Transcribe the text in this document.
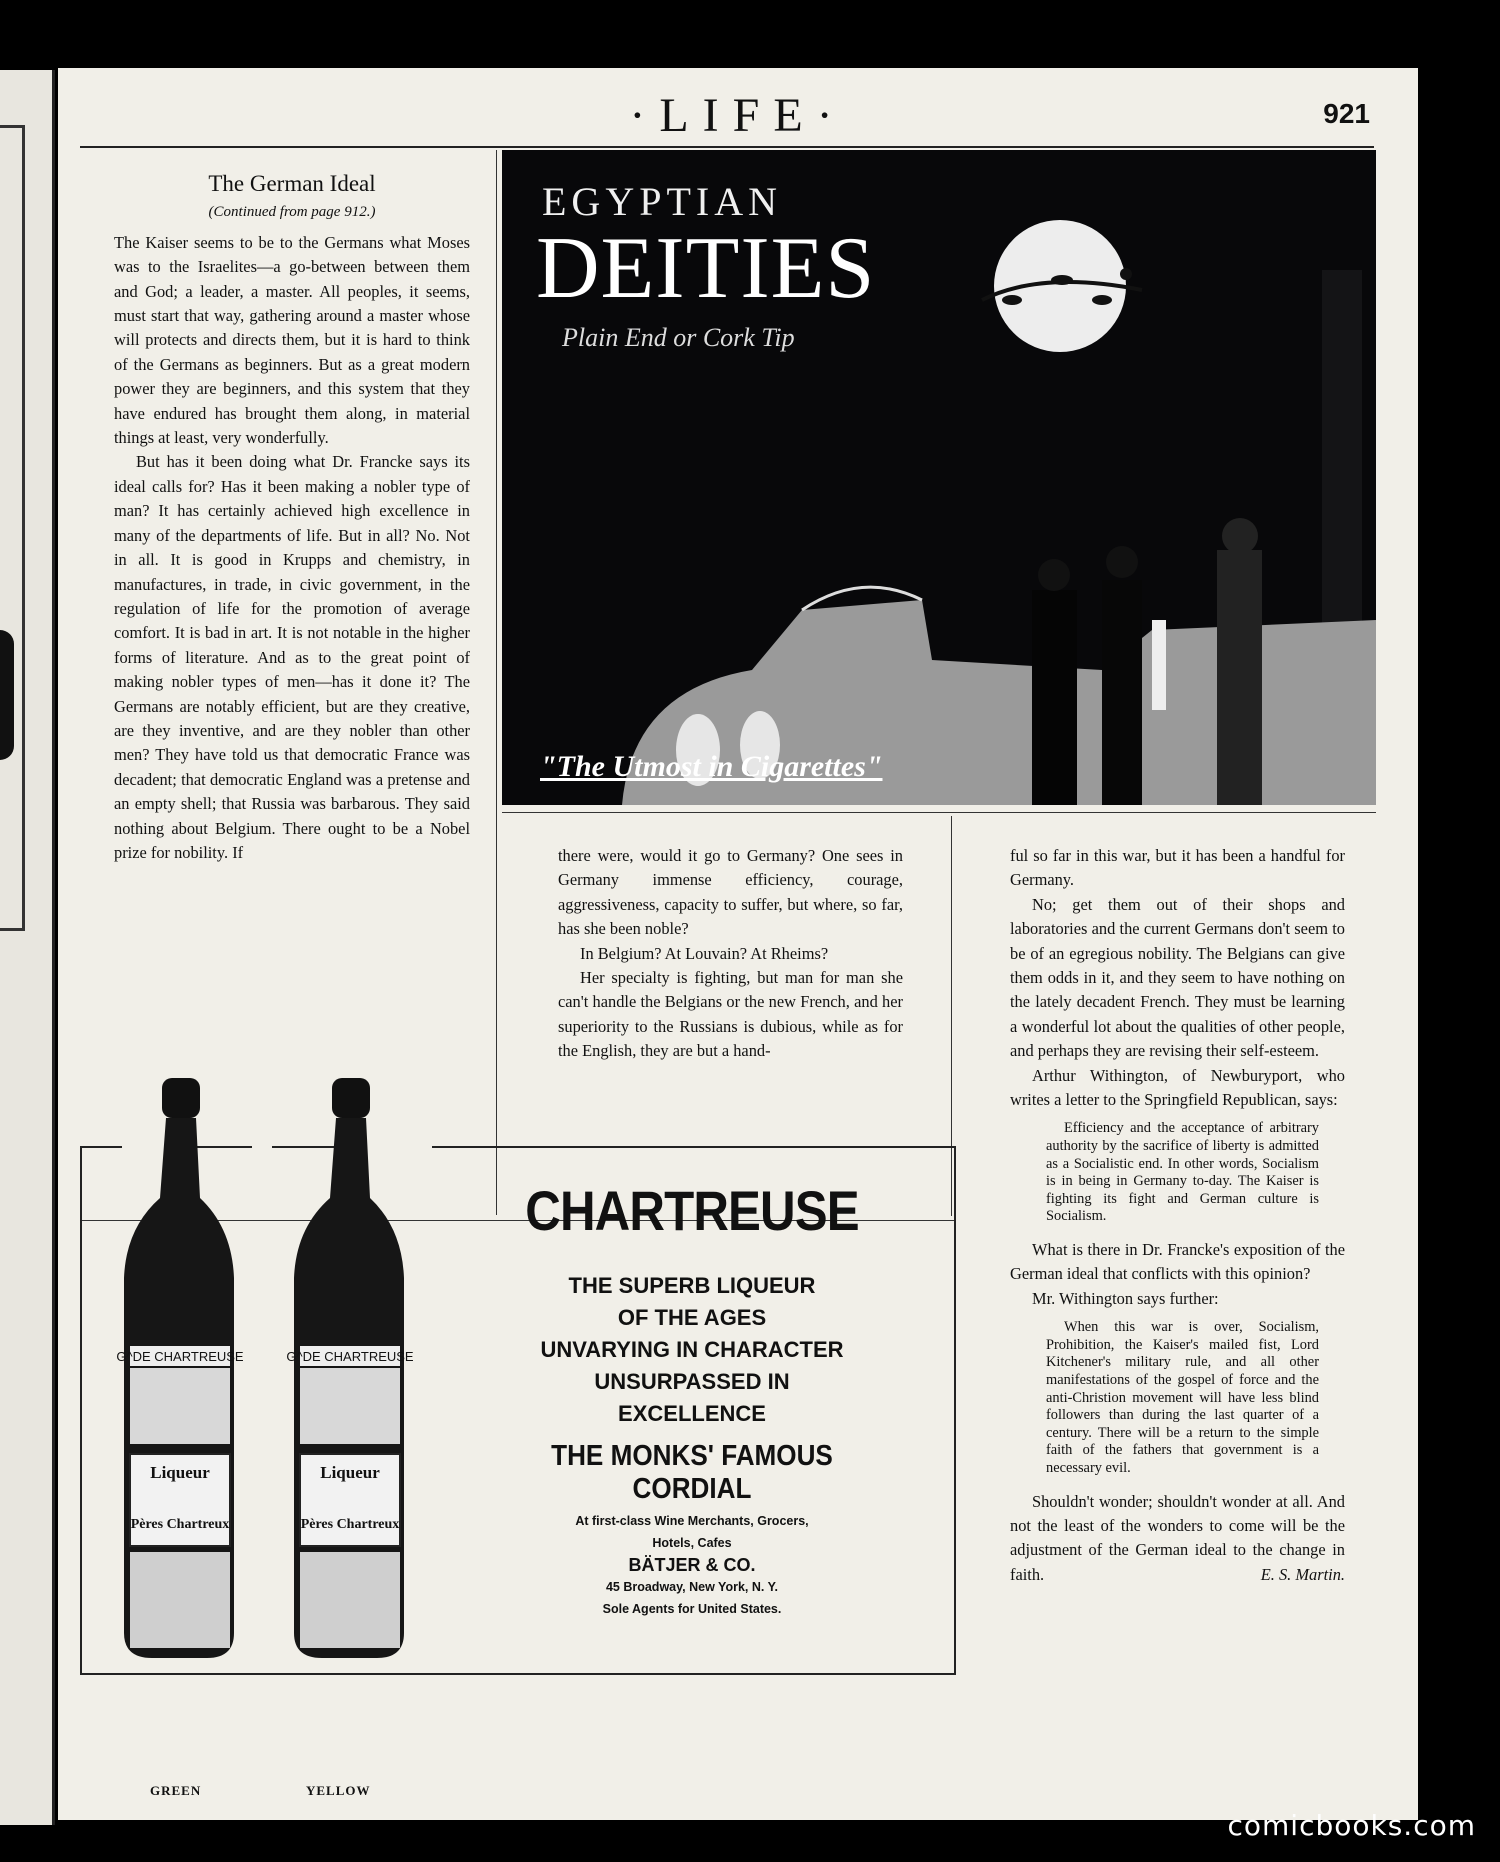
·LIFE·	921
The German Ideal
(Continued from page 912.)

The Kaiser seems to be to the Germans what Moses was to the Israelites—a go-between between them and God; a leader, a master. All peoples, it seems, must start that way, gathering around a master whose will protects and directs them, but it is hard to think of the Germans as beginners. But as a great modern power they are beginners, and this system that they have endured has brought them along, in material things at least, very wonderfully.

But has it been doing what Dr. Francke says its ideal calls for? Has it been making a nobler type of man? It has certainly achieved high excellence in many of the departments of life. But in all? No. Not in all. It is good in Krupps and chemistry, in manufactures, in trade, in civic government, in the regulation of life for the promotion of average comfort. It is bad in art. It is not notable in the higher forms of literature. And as to the great point of making nobler types of men—has it done it? The Germans are notably efficient, but are they creative, are they inventive, and are they nobler than other men? They have told us that democratic France was decadent; that democratic England was a pretense and an empty shell; that Russia was barbarous. They said nothing about Belgium. There ought to be a Nobel prize for nobility. If

EGYPTIAN
DEITIES
Plain End or Cork Tip
"The Utmost in Cigarettes"

there were, would it go to Germany? One sees in Germany immense efficiency, courage, aggressiveness, capacity to suffer, but where, so far, has she been noble?

In Belgium? At Louvain? At Rheims?

Her specialty is fighting, but man for man she can't handle the Belgians or the new French, and her superiority to the Russians is dubious, while as for the English, they are but a hand-

ful so far in this war, but it has been a handful for Germany.

No; get them out of their shops and laboratories and the current Germans don't seem to be of an egregious nobility. The Belgians can give them odds in it, and they seem to have nothing on the lately decadent French. They must be learning a wonderful lot about the qualities of other people, and perhaps they are revising their self-esteem.

Arthur Withington, of Newburyport, who writes a letter to the Springfield Republican, says:

Efficiency and the acceptance of arbitrary authority by the sacrifice of liberty is admitted as a Socialistic end. In other words, Socialism is in being in Germany to-day. The Kaiser is fighting its fight and German culture is Socialism.

What is there in Dr. Francke's exposition of the German ideal that conflicts with this opinion?

Mr. Withington says further:

When this war is over, Socialism, Prohibition, the Kaiser's mailed fist, Lord Kitchener's military rule, and all other manifestations of the gospel of force and the anti-Christion movement will have less blind followers than during the last quarter of a century. There will be a return to the simple faith of the fathers that government is a necessary evil.

Shouldn't wonder; shouldn't wonder at all. And not the least of the wonders to come will be the adjustment of the German ideal to the change in faith.	E. S. Martin.

G^DE CHARTREUSE
Liqueur
Pères Chartreux
G^DE CHARTREUSE
Liqueur
Pères Chartreux
CHARTREUSE
THE SUPERB LIQUEUR
OF THE AGES
UNVARYING IN CHARACTER
UNSURPASSED IN
EXCELLENCE
THE MONKS' FAMOUS CORDIAL
At first-class Wine Merchants, Grocers,
Hotels, Cafes
BÄTJER & CO.
45 Broadway, New York, N. Y.
Sole Agents for United States.
GREEN	YELLOW
comicbooks.com
